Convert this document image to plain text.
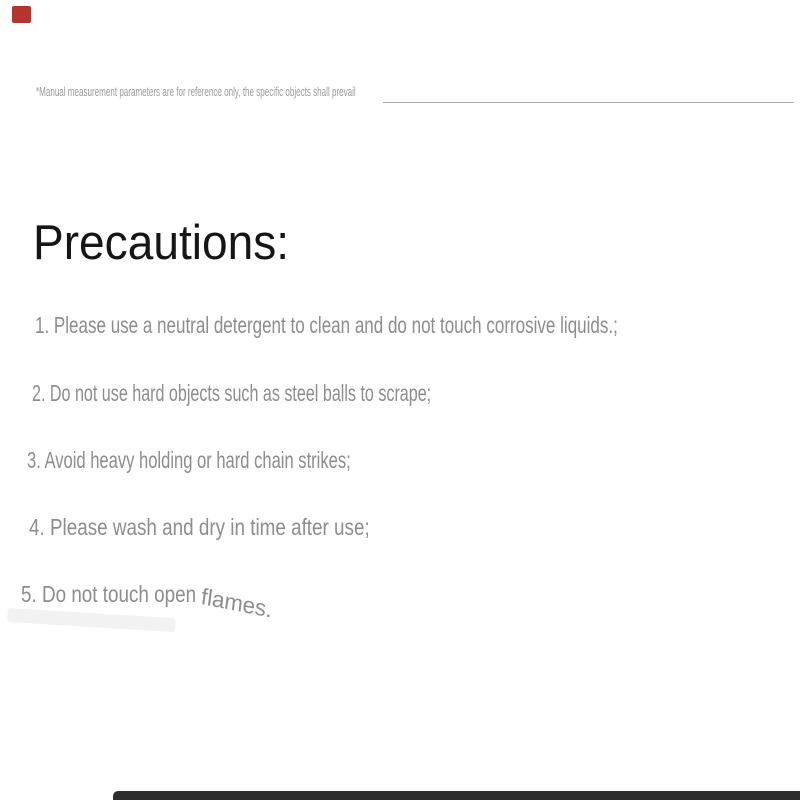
*Manual measurement parameters are for reference only, the specific objects shall prevail
Precautions:
1. Please use a neutral detergent to clean and do not touch corrosive liquids.;
2. Do not use hard objects such as steel balls to scrape;
3. Avoid heavy holding or hard chain strikes;
4. Please wash and dry in time after use;
5. Do not touch open flames.
